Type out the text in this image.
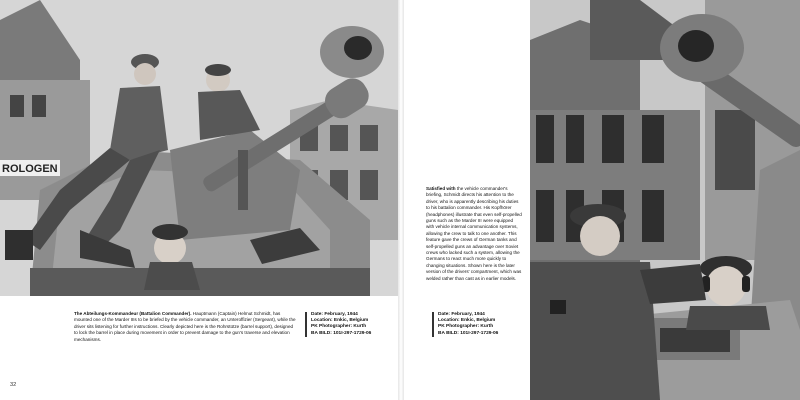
ROLOGEN
The Abteilungs-Kommandeur (Battalion Commander). Hauptmann (Captain) Helmut Schmidt, has mounted one of the Marder IIIs to be briefed by the vehicle commander, an Unteroffizier (Sergeant), while the driver sits listening for further instructions. Clearly depicted here is the Rohrstütze (barrel support), designed to lock the barrel in place during movement in order to prevent damage to the gun's traverse and elevation mechanisms.
Date: February, 1944
Location: Enkic, Belgium
PK Photographer: Kurth
BA BILD: 101I-297-1729-06
32
Satisfied with the vehicle commander's briefing, Schmidt directs his attention to the driver, who is apparently describing his duties to his battalion commander. His Kopfhörer (headphones) illustrate that even self-propelled guns such as the Marder III were equipped with vehicle internal communication systems, allowing the crew to talk to one another. This feature gave the crews of German tanks and self-propelled guns an advantage over Soviet crews who lacked such a system, allowing the Germans to react much more quickly to changing situations. Shown here is the later version of the drivers' compartment, which was welded rather than cast as in earlier models.
Date: February, 1944
Location: Enkic, Belgium
PK Photographer: Kurth
BA BILD: 101I-297-1729-06
